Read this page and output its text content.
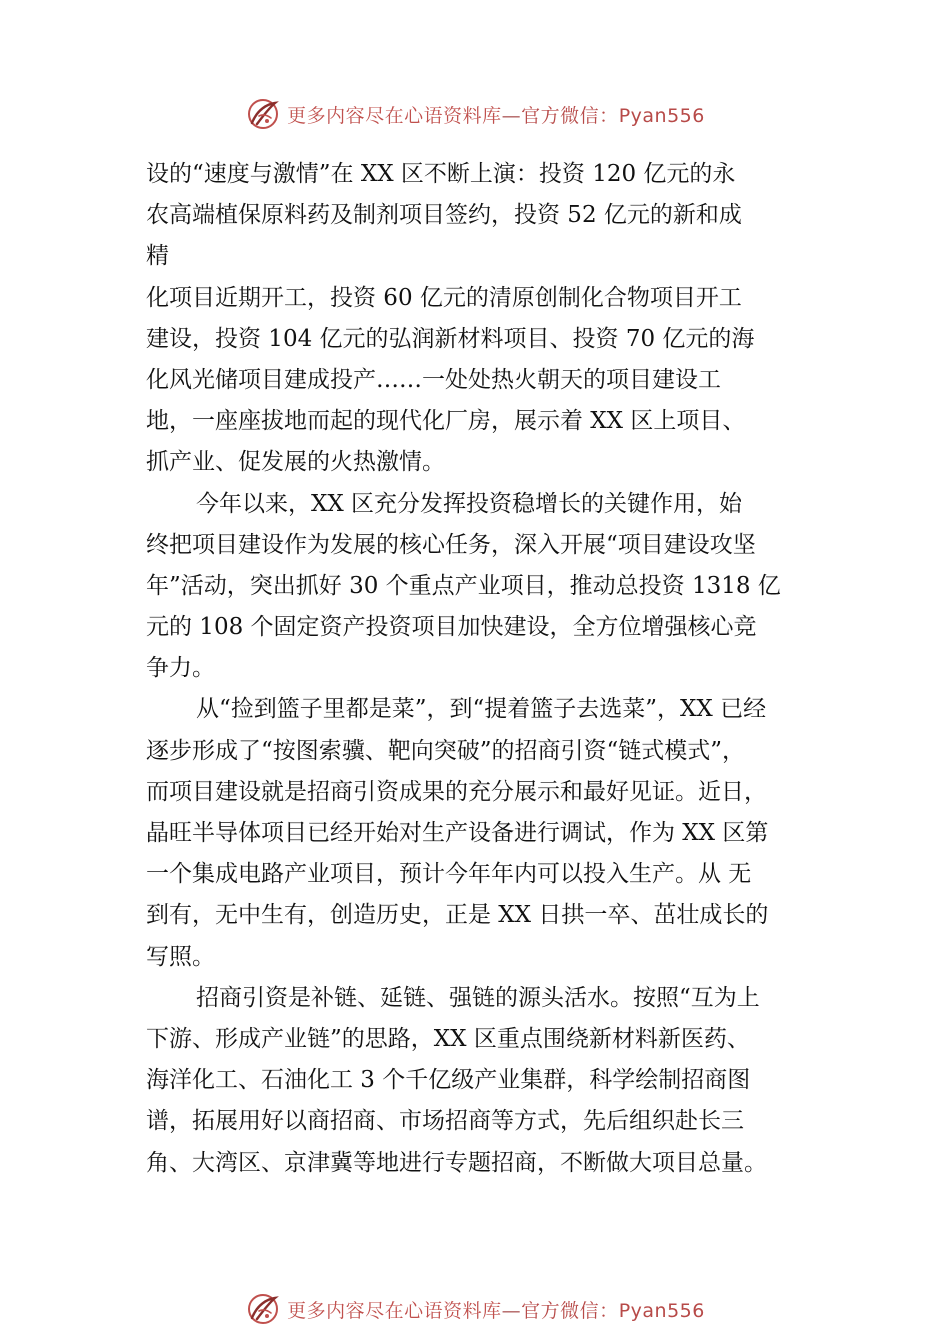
更多内容尽在心语资料库—官方微信：Pyan556
设的“速度与激情”在 XX 区不断上演：投资 120 亿元的永
农高端植保原料药及制剂项目签约，投资 52 亿元的新和成
精
化项目近期开工，投资 60 亿元的清原创制化合物项目开工
建设，投资 104 亿元的弘润新材料项目、投资 70 亿元的海
化风光储项目建成投产……一处处热火朝天的项目建设工
地，一座座拔地而起的现代化厂房，展示着 XX 区上项目、
抓产业、促发展的火热激情。
今年以来，XX 区充分发挥投资稳增长的关键作用，始
终把项目建设作为发展的核心任务，深入开展“项目建设攻坚
年”活动，突出抓好 30 个重点产业项目，推动总投资 1318 亿
元的 108 个固定资产投资项目加快建设，全方位增强核心竞
争力。
从“捡到篮子里都是菜”，到“提着篮子去选菜”，XX 已经
逐步形成了“按图索骥、靶向突破”的招商引资“链式模式”，
而项目建设就是招商引资成果的充分展示和最好见证。近日，
晶旺半导体项目已经开始对生产设备进行调试，作为 XX 区第
一个集成电路产业项目，预计今年年内可以投入生产。从 无
到有，无中生有，创造历史，正是 XX 日拱一卒、茁壮成长的
写照。
招商引资是补链、延链、强链的源头活水。按照“互为上
下游、形成产业链”的思路，XX 区重点围绕新材料新医药、
海洋化工、石油化工 3 个千亿级产业集群，科学绘制招商图
谱，拓展用好以商招商、市场招商等方式，先后组织赴长三
角、大湾区、京津冀等地进行专题招商，不断做大项目总量。
更多内容尽在心语资料库—官方微信：Pyan556
